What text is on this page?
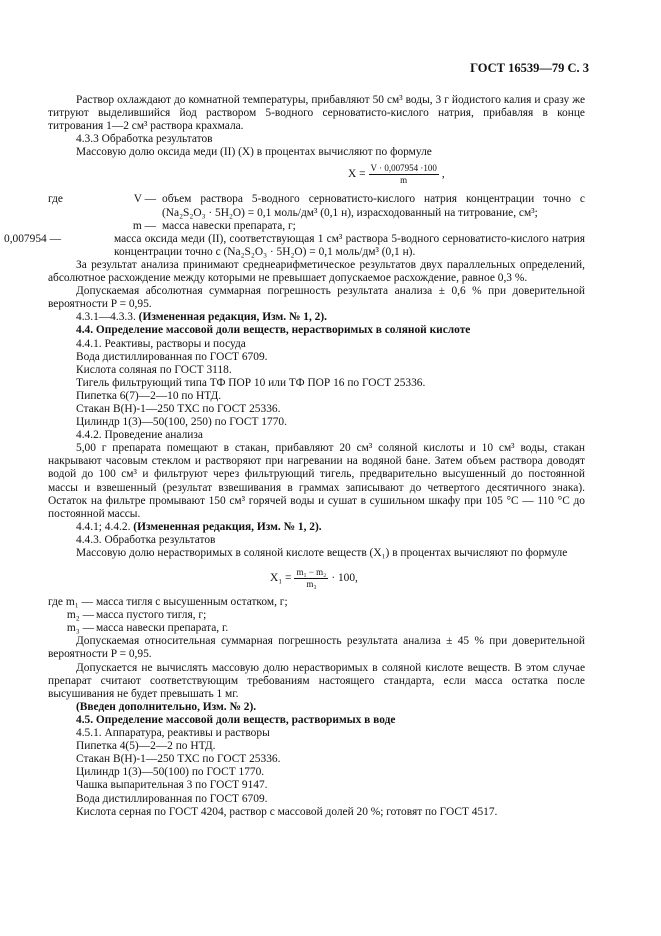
ГОСТ 16539—79 С. 3

Раствор охлаждают до комнатной температуры, прибавляют 50 см³ воды, 3 г йодистого калия и сразу же титруют выделившийся йод раствором 5-водного серноватисто-кислого натрия, прибавляя в конце титрования 1—2 см³ раствора крахмала.

4.3.3 Обработка результатов

Массовую долю оксида меди (II) (X) в процентах вычисляют по формуле

$X = \frac{V \cdot 0,007954 \cdot 100}{m}$ ,
где	V — объем раствора 5-водного серноватисто-кислого натрия концентрации точно c (Na₂S₂O₃ · 5H₂O) = 0,1 моль/дм³ (0,1 н), израсходованный на титрование, см³;
m — масса навески препарата, г;
0,007954 —	масса оксида меди (II), соответствующая 1 см³ раствора 5-водного серноватисто-кислого натрия концентрации точно c (Na₂S₂O₃ · 5H₂O) = 0,1 моль/дм³ (0,1 н).

За результат анализа принимают среднеарифметическое результатов двух параллельных определений, абсолютное расхождение между которыми не превышает допускаемое расхождение, равное 0,3 %.

Допускаемая абсолютная суммарная погрешность результата анализа ± 0,6 % при доверительной вероятности P = 0,95.

4.3.1—4.3.3. (Измененная редакция, Изм. № 1, 2).

4.4. Определение массовой доли веществ, нерастворимых в соляной кислоте

4.4.1. Реактивы, растворы и посуда

Вода дистиллированная по ГОСТ 6709.

Кислота соляная по ГОСТ 3118.

Тигель фильтрующий типа ТФ ПОР 10 или ТФ ПОР 16 по ГОСТ 25336.

Пипетка 6(7)—2—10 по НТД.

Стакан В(Н)-1—250 ТХС по ГОСТ 25336.

Цилиндр 1(3)—50(100, 250) по ГОСТ 1770.

4.4.2. Проведение анализа

5,00 г препарата помещают в стакан, прибавляют 20 см³ соляной кислоты и 10 см³ воды, стакан накрывают часовым стеклом и растворяют при нагревании на водяной бане. Затем объем раствора доводят водой до 100 см³ и фильтруют через фильтрующий тигель, предварительно высушенный до постоянной массы и взвешенный (результат взвешивания в граммах записывают до четвертого десятичного знака). Остаток на фильтре промывают 150 см³ горячей воды и сушат в сушильном шкафу при 105 °С — 110 °С до постоянной массы.

4.4.1; 4.4.2. (Измененная редакция, Изм. № 1, 2).

4.4.3. Обработка результатов

Массовую долю нерастворимых в соляной кислоте веществ (X₁) в процентах вычисляют по формуле

$X_1 = \frac{\text{m₁ − m₂}}{\text{m₃}} \cdot 100$,
где m₁ — масса тигля с высушенным остатком, г;
m₂ — масса пустого тигля, г;
m₃ — масса навески препарата, г.

Допускаемая относительная суммарная погрешность результата анализа ± 45 % при доверительной вероятности P = 0,95.

Допускается не вычислять массовую долю нерастворимых в соляной кислоте веществ. В этом случае препарат считают соответствующим требованиям настоящего стандарта, если масса остатка после высушивания не будет превышать 1 мг.

(Введен дополнительно, Изм. № 2).

4.5. Определение массовой доли веществ, растворимых в воде

4.5.1. Аппаратура, реактивы и растворы

Пипетка 4(5)—2—2 по НТД.

Стакан В(Н)-1—250 ТХС по ГОСТ 25336.

Цилиндр 1(3)—50(100) по ГОСТ 1770.

Чашка выпарительная 3 по ГОСТ 9147.

Вода дистиллированная по ГОСТ 6709.

Кислота серная по ГОСТ 4204, раствор с массовой долей 20 %; готовят по ГОСТ 4517.
